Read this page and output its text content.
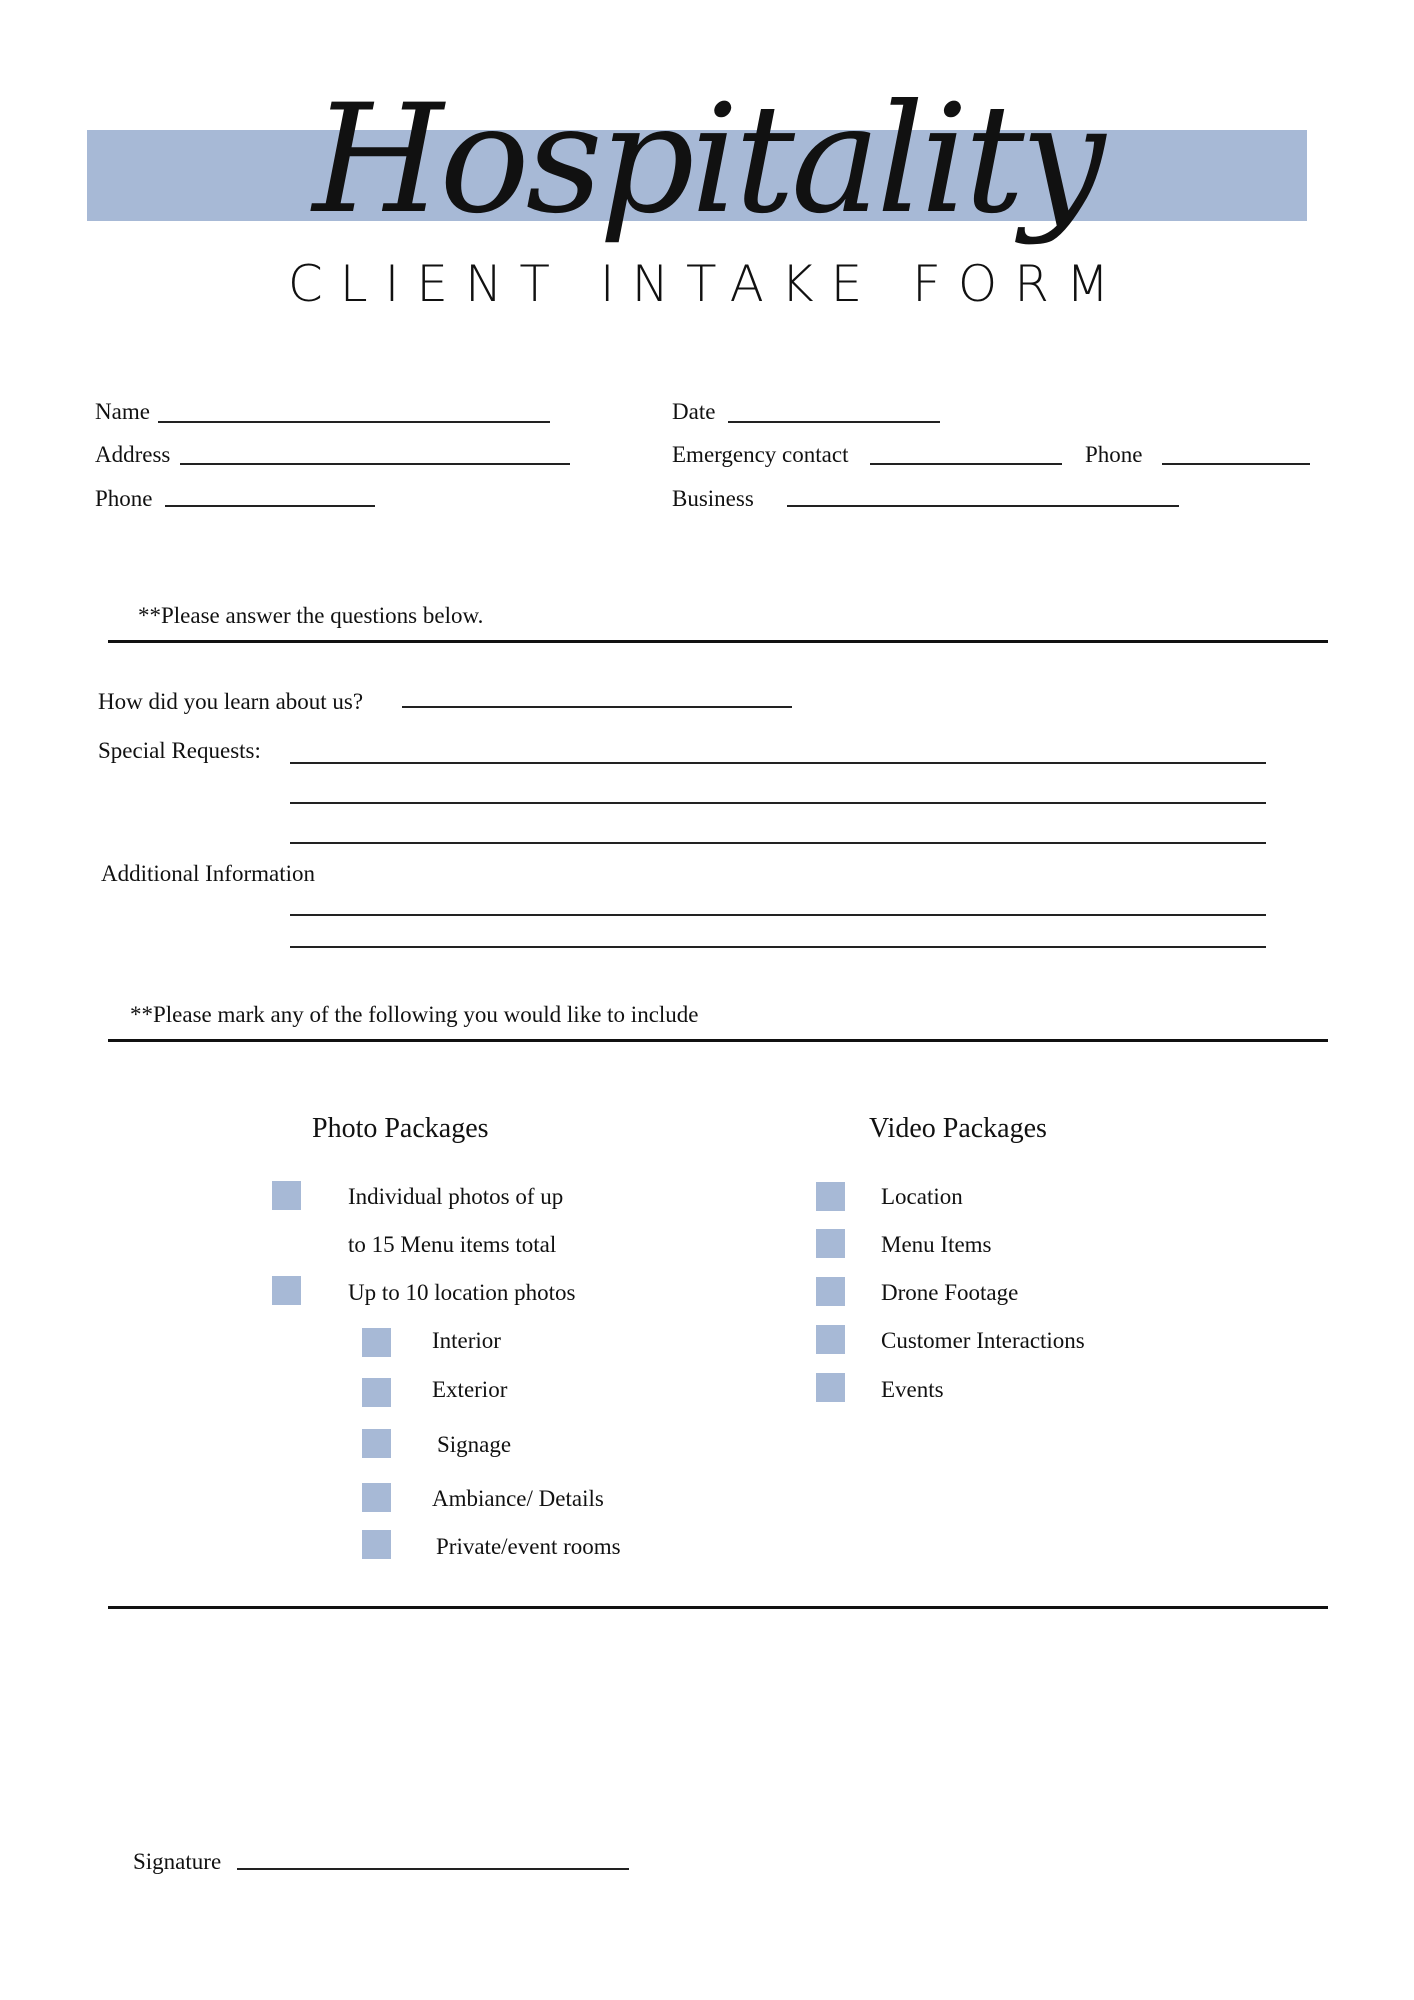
Hospitality
CLIENT INTAKE FORM
Name
Address
Phone
Date
Emergency contact	Phone
Business
**Please answer the questions below.
How did you learn about us?
Special Requests:
Additional Information
**Please mark any of the following you would like to include
Photo Packages	Video Packages
Individual photos of up
to 15 Menu items total
Up to 10 location photos
Interior
Exterior
Signage
Ambiance/ Details
Private/event rooms
Location
Menu Items
Drone Footage
Customer Interactions
Events
Signature
